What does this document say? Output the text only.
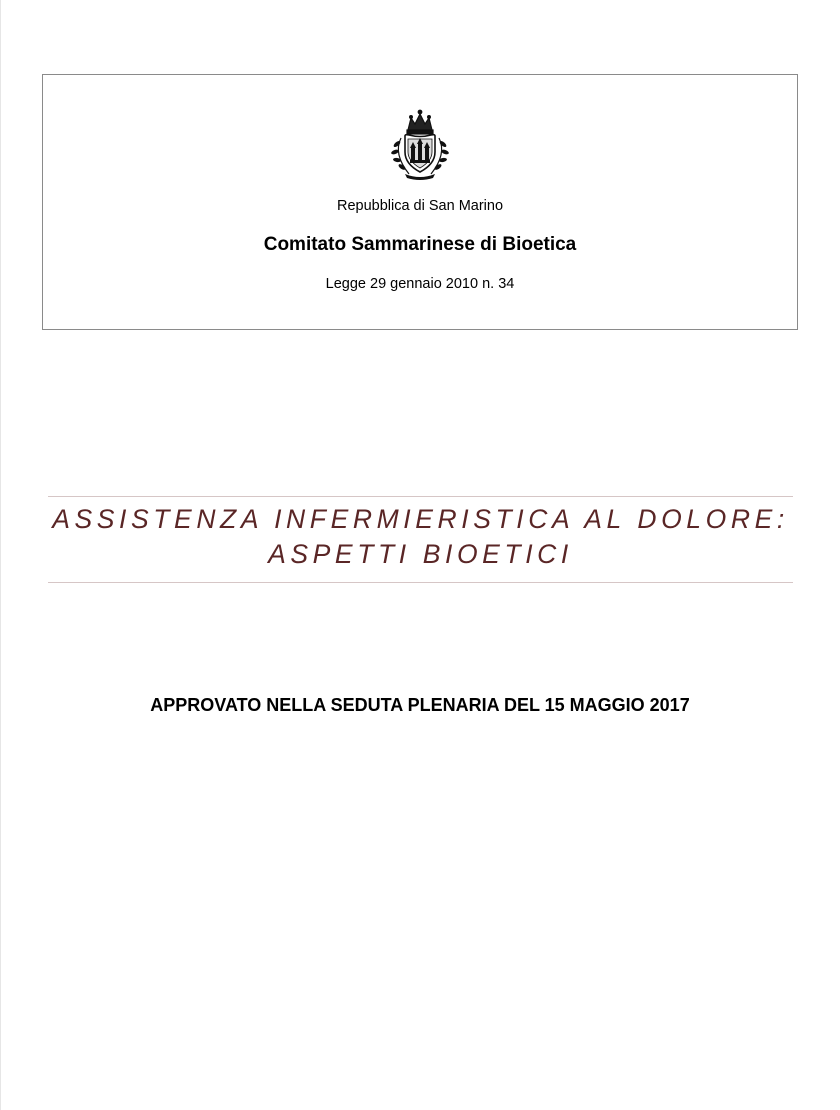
Repubblica di San Marino
Comitato Sammarinese di Bioetica
Legge 29 gennaio 2010 n. 34
ASSISTENZA INFERMIERISTICA AL DOLORE:
ASPETTI BIOETICI
APPROVATO NELLA SEDUTA PLENARIA DEL 15 MAGGIO 2017
